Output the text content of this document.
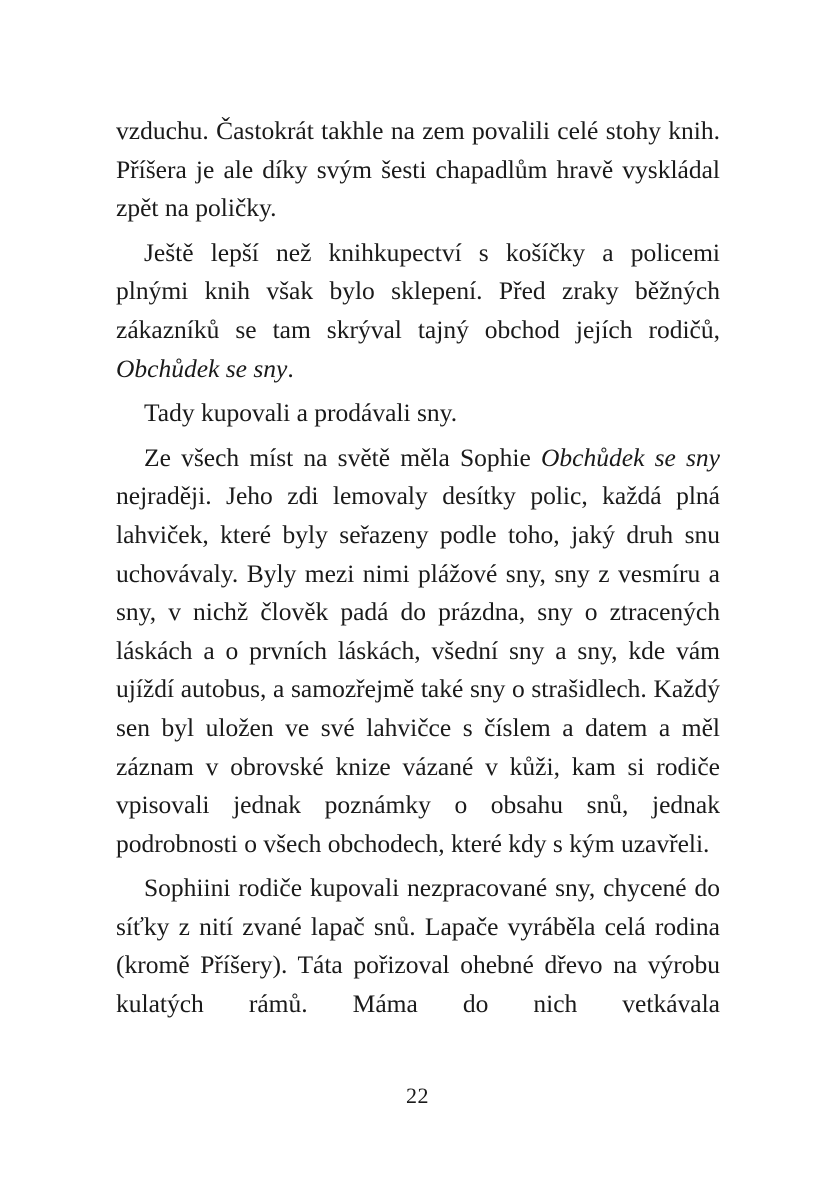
vzduchu. Častokrát takhle na zem povalili celé stohy knih. Příšera je ale díky svým šesti chapadlům hravě vyskládal zpět na poličky.

Ještě lepší než knihkupectví s košíčky a policemi plnými knih však bylo sklepení. Před zraky běžných zákazníků se tam skrýval tajný obchod jejích rodičů, Obchůdek se sny.

Tady kupovali a prodávali sny.

Ze všech míst na světě měla Sophie Obchůdek se sny nejraději. Jeho zdi lemovaly desítky polic, každá plná lahviček, které byly seřazeny podle toho, jaký druh snu uchovávaly. Byly mezi nimi plážové sny, sny z vesmíru a sny, v nichž člověk padá do prázdna, sny o ztracených láskách a o prvních láskách, všední sny a sny, kde vám ujíždí autobus, a samozřejmě také sny o strašidlech. Každý sen byl uložen ve své lahvičce s číslem a datem a měl záznam v obrovské knize vázané v kůži, kam si rodiče vpisovali jednak poznámky o obsahu snů, jednak podrobnosti o všech obchodech, které kdy s kým uzavřeli.

Sophiini rodiče kupovali nezpracované sny, chycené do síťky z nití zvané lapač snů. Lapače vyráběla celá rodina (kromě Příšery). Táta pořizoval ohebné dřevo na výrobu kulatých rámů. Máma do nich vetkávala

22
